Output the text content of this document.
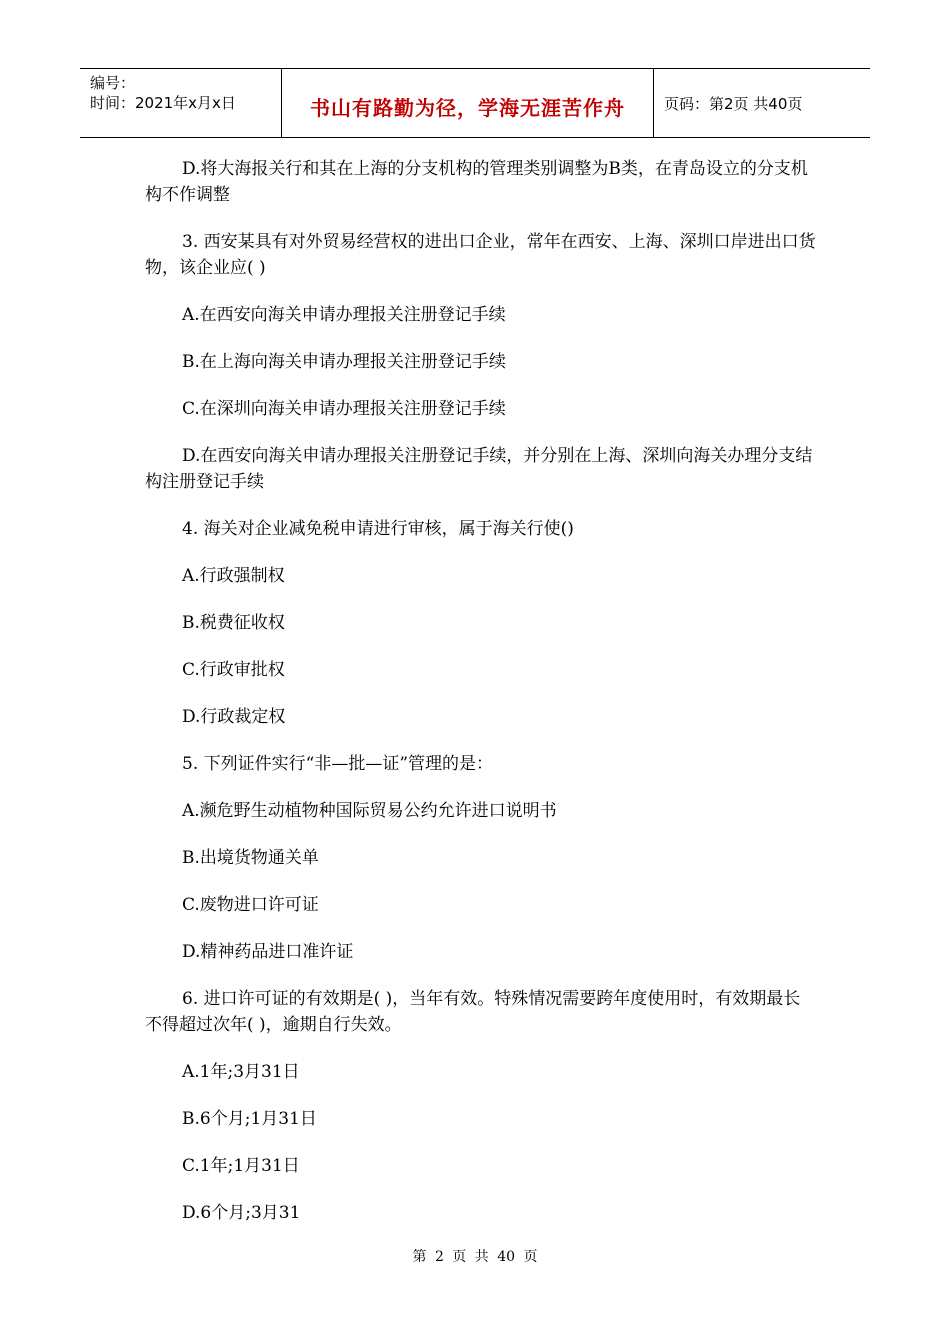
编号：
时间：2021年x月x日	书山有路勤为径，学海无涯苦作舟	页码：第2页 共40页
D.将大海报关行和其在上海的分支机构的管理类别调整为B类，在青岛设立的分支机构不作调整
3. 西安某具有对外贸易经营权的进出口企业，常年在西安、上海、深圳口岸进出口货物，该企业应( )
A.在西安向海关申请办理报关注册登记手续
B.在上海向海关申请办理报关注册登记手续
C.在深圳向海关申请办理报关注册登记手续
D.在西安向海关申请办理报关注册登记手续，并分别在上海、深圳向海关办理分支结构注册登记手续
4. 海关对企业减免税申请进行审核，属于海关行使()
A.行政强制权
B.税费征收权
C.行政审批权
D.行政裁定权
5. 下列证件实行“非—批—证”管理的是：
A.濒危野生动植物种国际贸易公约允许进口说明书
B.出境货物通关单
C.废物进口许可证
D.精神药品进口准许证
6. 进口许可证的有效期是( )，当年有效。特殊情况需要跨年度使用时，有效期最长不得超过次年( )，逾期自行失效。
A.1年;3月31日
B.6个月;1月31日
C.1年;1月31日
D.6个月;3月31
第 2 页 共 40 页
